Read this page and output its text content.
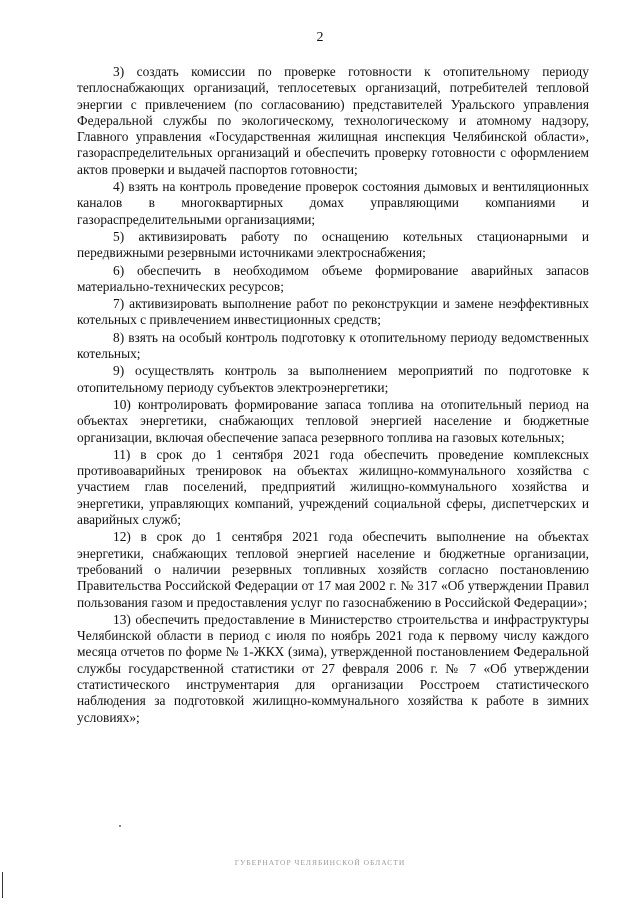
2

3) создать комиссии по проверке готовности к отопительному периоду теплоснабжающих организаций, теплосетевых организаций, потребителей тепловой энергии с привлечением (по согласованию) представителей Уральского управления Федеральной службы по экологическому, технологическому и атомному надзору, Главного управления «Государственная жилищная инспекция Челябинской области», газораспределительных организаций и обеспечить проверку готовности с оформлением актов проверки и выдачей паспортов готовности;

4) взять на контроль проведение проверок состояния дымовых и вентиляционных каналов в многоквартирных домах управляющими компаниями и газораспределительными организациями;

5) активизировать работу по оснащению котельных стационарными и передвижными резервными источниками электроснабжения;

6) обеспечить в необходимом объеме формирование аварийных запасов материально-технических ресурсов;

7) активизировать выполнение работ по реконструкции и замене неэффективных котельных с привлечением инвестиционных средств;

8) взять на особый контроль подготовку к отопительному периоду ведомственных котельных;

9) осуществлять контроль за выполнением мероприятий по подготовке к отопительному периоду субъектов электроэнергетики;

10) контролировать формирование запаса топлива на отопительный период на объектах энергетики, снабжающих тепловой энергией население и бюджетные организации, включая обеспечение запаса резервного топлива на газовых котельных;

11) в срок до 1 сентября 2021 года обеспечить проведение комплексных противоаварийных тренировок на объектах жилищно-коммунального хозяйства с участием глав поселений, предприятий жилищно-коммунального хозяйства и энергетики, управляющих компаний, учреждений социальной сферы, диспетчерских и аварийных служб;

12) в срок до 1 сентября 2021 года обеспечить выполнение на объектах энергетики, снабжающих тепловой энергией население и бюджетные организации, требований о наличии резервных топливных хозяйств согласно постановлению Правительства Российской Федерации от 17 мая 2002 г. № 317 «Об утверждении Правил пользования газом и предоставления услуг по газоснабжению в Российской Федерации»;

13) обеспечить предоставление в Министерство строительства и инфраструктуры Челябинской области в период с июля по ноябрь 2021 года к первому числу каждого месяца отчетов по форме № 1-ЖКХ (зима), утвержденной постановлением Федеральной службы государственной статистики от 27 февраля 2006 г. № 7 «Об утверждении статистического инструментария для организации Росстроем статистического наблюдения за подготовкой жилищно-коммунального хозяйства к работе в зимних условиях»;

ГУБЕРНАТОР ЧЕЛЯБИНСКОЙ ОБЛАСТИ
